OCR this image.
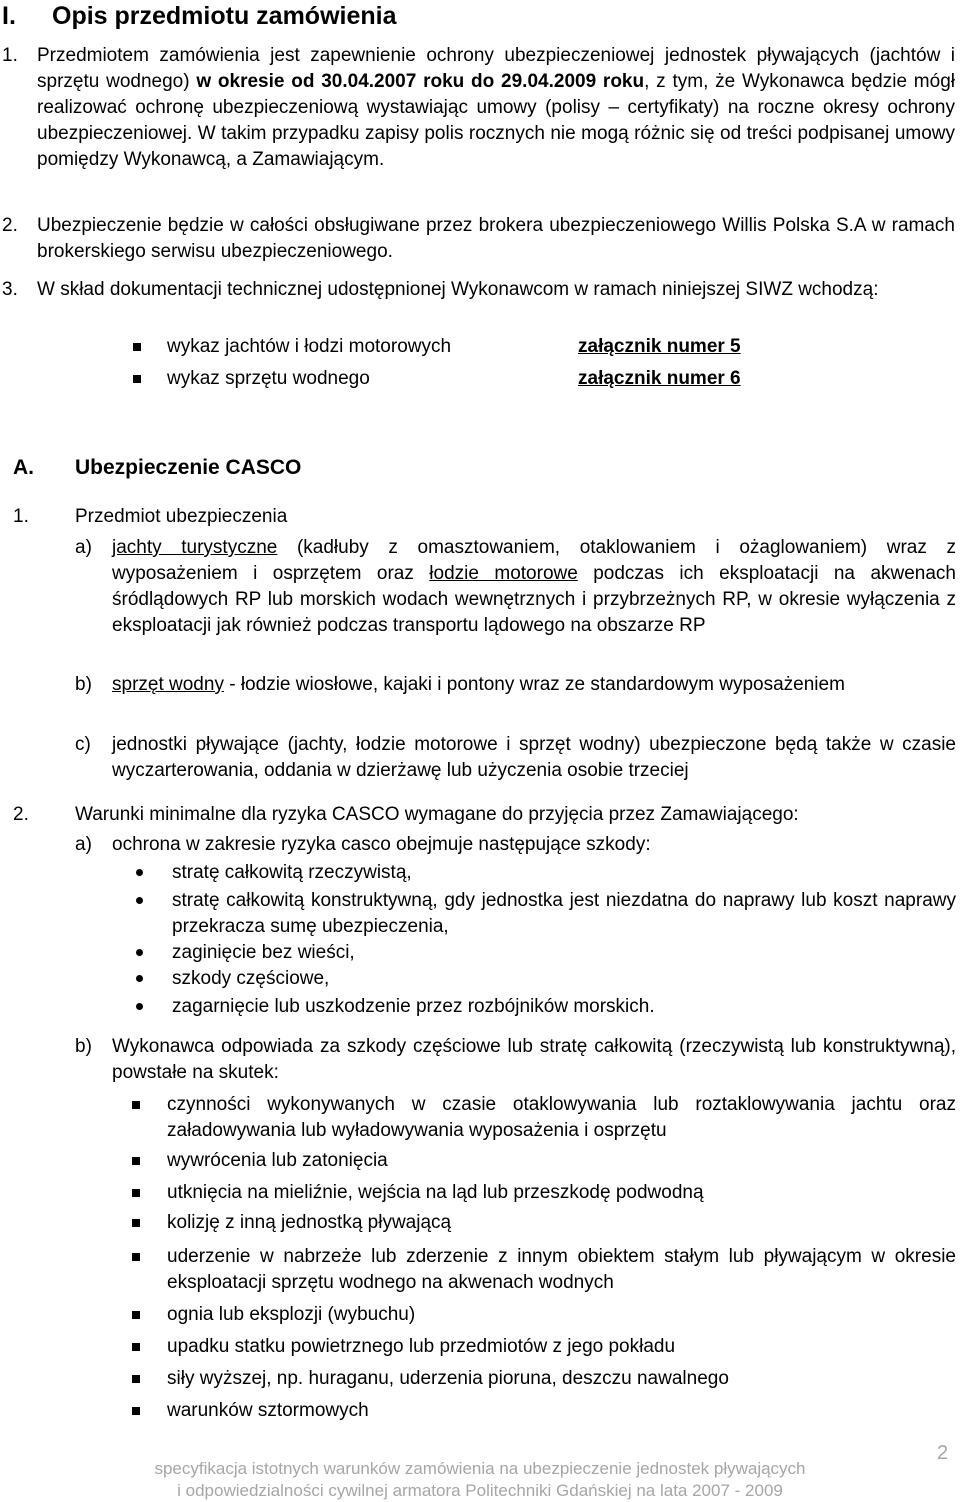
I. Opis przedmiotu zamówienia
1. Przedmiotem zamówienia jest zapewnienie ochrony ubezpieczeniowej jednostek pływających (jachtów i sprzętu wodnego) w okresie od 30.04.2007 roku do 29.04.2009 roku, z tym, że Wykonawca będzie mógł realizować ochronę ubezpieczeniową wystawiając umowy (polisy – certyfikaty) na roczne okresy ochrony ubezpieczeniowej. W takim przypadku zapisy polis rocznych nie mogą różnic się od treści podpisanej umowy pomiędzy Wykonawcą, a Zamawiającym.
2. Ubezpieczenie będzie w całości obsługiwane przez brokera ubezpieczeniowego Willis Polska S.A w ramach brokerskiego serwisu ubezpieczeniowego.
3. W skład dokumentacji technicznej udostępnionej Wykonawcom w ramach niniejszej SIWZ wchodzą:
wykaz jachtów i łodzi motorowych	załącznik numer 5
wykaz sprzętu wodnego	załącznik numer 6
A. Ubezpieczenie CASCO
1. Przedmiot ubezpieczenia
a) jachty turystyczne (kadłuby z omasztowaniem, otaklowaniem i ożaglowaniem) wraz z wyposażeniem i osprzętem oraz łodzie motorowe podczas ich eksploatacji na akwenach śródlądowych RP lub morskich wodach wewnętrznych i przybrzeżnych RP, w okresie wyłączenia z eksploatacji jak również podczas transportu lądowego na obszarze RP
b) sprzęt wodny - łodzie wiosłowe, kajaki i pontony wraz ze standardowym wyposażeniem
c) jednostki pływające (jachty, łodzie motorowe i sprzęt wodny) ubezpieczone będą także w czasie wyczarterowania, oddania w dzierżawę lub użyczenia osobie trzeciej
2. Warunki minimalne dla ryzyka CASCO wymagane do przyjęcia przez Zamawiającego:
a) ochrona w zakresie ryzyka casco obejmuje następujące szkody:
stratę całkowitą rzeczywistą,
stratę całkowitą konstruktywną, gdy jednostka jest niezdatna do naprawy lub koszt naprawy przekracza sumę ubezpieczenia,
zaginięcie bez wieści,
szkody częściowe,
zagarnięcie lub uszkodzenie przez rozbójników morskich.
b) Wykonawca odpowiada za szkody częściowe lub stratę całkowitą (rzeczywistą lub konstruktywną), powstałe na skutek:
czynności wykonywanych w czasie otaklowywania lub roztaklowywania jachtu oraz załadowywania lub wyładowywania wyposażenia i osprzętu
wywrócenia lub zatonięcia
utknięcia na mieliźnie, wejścia na ląd lub przeszkodę podwodną
kolizję z inną jednostką pływającą
uderzenie w nabrzeże lub zderzenie z innym obiektem stałym lub pływającym w okresie eksploatacji sprzętu wodnego na akwenach wodnych
ognia lub eksplozji (wybuchu)
upadku statku powietrznego lub przedmiotów z jego pokładu
siły wyższej, np. huraganu, uderzenia pioruna, deszczu nawalnego
warunków sztormowych
2
specyfikacja istotnych warunków zamówienia na ubezpieczenie jednostek pływających
i odpowiedzialności cywilnej armatora Politechniki Gdańskiej na lata 2007 - 2009
